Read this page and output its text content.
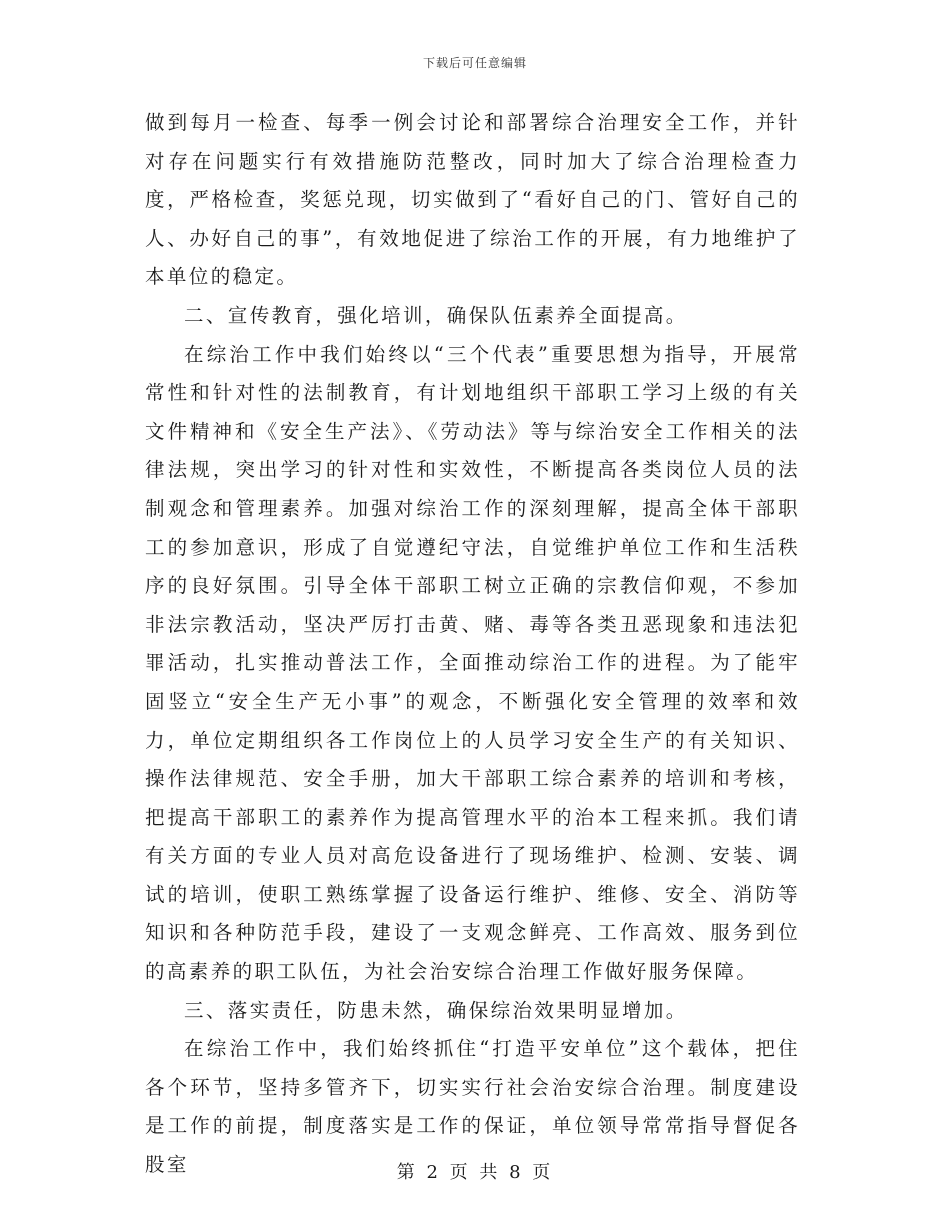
下载后可任意编辑

做到每月一检查、每季一例会讨论和部署综合治理安全工作，并针对存在问题实行有效措施防范整改，同时加大了综合治理检查力度，严格检查，奖惩兑现，切实做到了“看好自己的门、管好自己的人、办好自己的事”，有效地促进了综治工作的开展，有力地维护了本单位的稳定。

二、宣传教育，强化培训，确保队伍素养全面提高。

在综治工作中我们始终以“三个代表”重要思想为指导，开展常常性和针对性的法制教育，有计划地组织干部职工学习上级的有关文件精神和《安全生产法》、《劳动法》等与综治安全工作相关的法律法规，突出学习的针对性和实效性，不断提高各类岗位人员的法制观念和管理素养。加强对综治工作的深刻理解，提高全体干部职工的参加意识，形成了自觉遵纪守法，自觉维护单位工作和生活秩序的良好氛围。引导全体干部职工树立正确的宗教信仰观，不参加非法宗教活动，坚决严厉打击黄、赌、毒等各类丑恶现象和违法犯罪活动，扎实推动普法工作，全面推动综治工作的进程。为了能牢固竖立“安全生产无小事”的观念，不断强化安全管理的效率和效力，单位定期组织各工作岗位上的人员学习安全生产的有关知识、操作法律规范、安全手册，加大干部职工综合素养的培训和考核，把提高干部职工的素养作为提高管理水平的治本工程来抓。我们请有关方面的专业人员对高危设备进行了现场维护、检测、安装、调试的培训，使职工熟练掌握了设备运行维护、维修、安全、消防等知识和各种防范手段，建设了一支观念鲜亮、工作高效、服务到位的高素养的职工队伍，为社会治安综合治理工作做好服务保障。

三、落实责任，防患未然，确保综治效果明显增加。

在综治工作中，我们始终抓住“打造平安单位”这个载体，把住各个环节，坚持多管齐下，切实实行社会治安综合治理。制度建设是工作的前提，制度落实是工作的保证，单位领导常常指导督促各股室	第 2 页 共 8 页
